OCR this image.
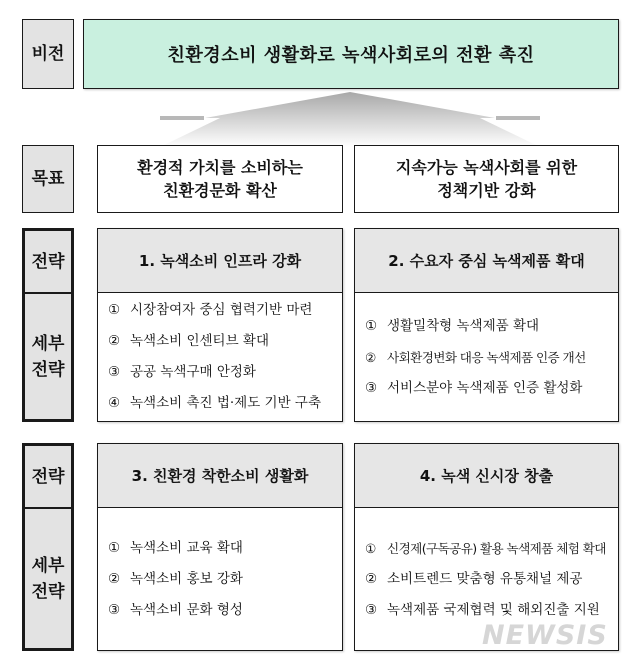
비전	친환경소비 생활화로 녹색사회로의 전환 촉진
목표
환경적 가치를 소비하는
친환경문화 확산
지속가능 녹색사회를 위한
정책기반 강화
전략
세부
전략
1. 녹색소비 인프라 강화
① 시장참여자 중심 협력기반 마련
② 녹색소비 인센티브 확대
③ 공공 녹색구매 안정화
④ 녹색소비 촉진 법·제도 기반 구축
2. 수요자 중심 녹색제품 확대
① 생활밀착형 녹색제품 확대
② 사회환경변화 대응 녹색제품 인증 개선
③ 서비스분야 녹색제품 인증 활성화
전략
세부
전략
3. 친환경 착한소비 생활화
① 녹색소비 교육 확대
② 녹색소비 홍보 강화
③ 녹색소비 문화 형성
4. 녹색 신시장 창출
① 신경제(구독공유) 활용 녹색제품 체험 확대
② 소비트렌드 맞춤형 유통채널 제공
③ 녹색제품 국제협력 및 해외진출 지원
NEWSIS
